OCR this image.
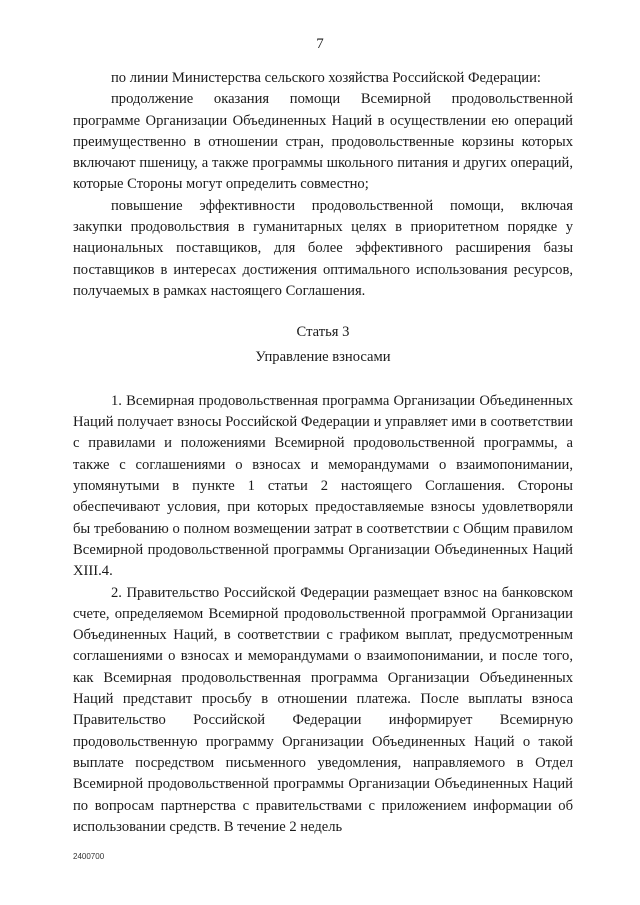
7

по линии Министерства сельского хозяйства Российской Федерации:

продолжение оказания помощи Всемирной продовольственной программе Организации Объединенных Наций в осуществлении ею операций преимущественно в отношении стран, продовольственные корзины которых включают пшеницу, а также программы школьного питания и других операций, которые Стороны могут определить совместно;

повышение эффективности продовольственной помощи, включая закупки продовольствия в гуманитарных целях в приоритетном порядке у национальных поставщиков, для более эффективного расширения базы поставщиков в интересах достижения оптимального использования ресурсов, получаемых в рамках настоящего Соглашения.

Статья 3
Управление взносами

1. Всемирная продовольственная программа Организации Объединенных Наций получает взносы Российской Федерации и управляет ими в соответствии с правилами и положениями Всемирной продовольственной программы, а также с соглашениями о взносах и меморандумами о взаимопонимании, упомянутыми в пункте 1 статьи 2 настоящего Соглашения. Стороны обеспечивают условия, при которых предоставляемые взносы удовлетворяли бы требованию о полном возмещении затрат в соответствии с Общим правилом Всемирной продовольственной программы Организации Объединенных Наций XIII.4.

2. Правительство Российской Федерации размещает взнос на банковском счете, определяемом Всемирной продовольственной программой Организации Объединенных Наций, в соответствии с графиком выплат, предусмотренным соглашениями о взносах и меморандумами о взаимопонимании, и после того, как Всемирная продовольственная программа Организации Объединенных Наций представит просьбу в отношении платежа. После выплаты взноса Правительство Российской Федерации информирует Всемирную продовольственную программу Организации Объединенных Наций о такой выплате посредством письменного уведомления, направляемого в Отдел Всемирной продовольственной программы Организации Объединенных Наций по вопросам партнерства с правительствами с приложением информации об использовании средств. В течение 2 недель

2400700
